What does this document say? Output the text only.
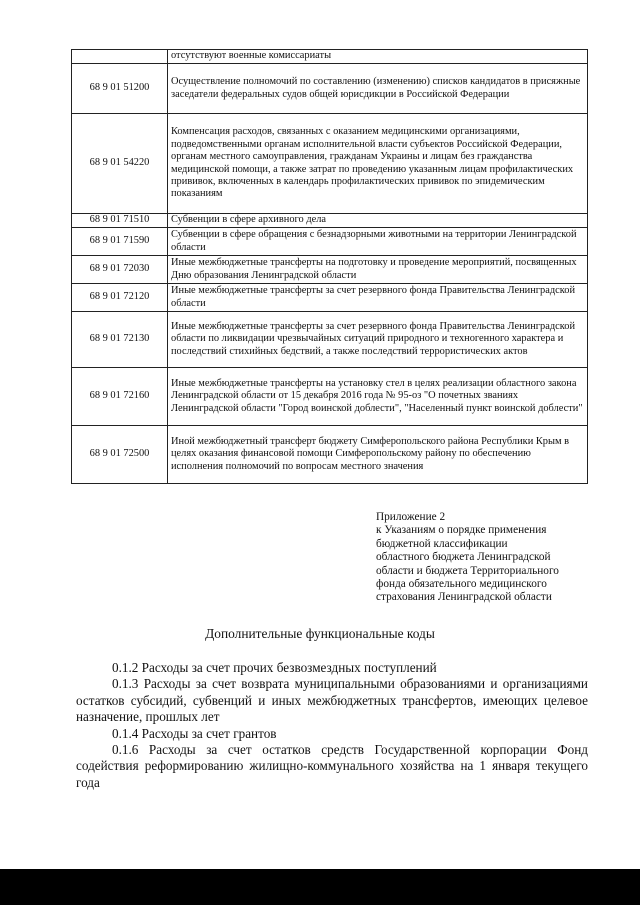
	отсутствуют военные комиссариаты
68 9 01 51200	Осуществление полномочий по составлению (изменению) списков кандидатов в присяжные заседатели федеральных судов общей юрисдикции в Российской Федерации
68 9 01 54220	Компенсация расходов, связанных с оказанием медицинскими организациями, подведомственными органам исполнительной власти субъектов Российской Федерации, органам местного самоуправления, гражданам Украины и лицам без гражданства медицинской помощи, а также затрат по проведению указанным лицам профилактических прививок, включенных в календарь профилактических прививок по эпидемическим показаниям
68 9 01 71510	Субвенции в сфере архивного дела
68 9 01 71590	Субвенции в сфере обращения с безнадзорными животными на территории Ленинградской области
68 9 01 72030	Иные межбюджетные трансферты на подготовку и проведение мероприятий, посвященных Дню образования Ленинградской области
68 9 01 72120	Иные межбюджетные трансферты за счет резервного фонда Правительства Ленинградской области
68 9 01 72130	Иные межбюджетные трансферты за счет резервного фонда Правительства Ленинградской области по ликвидации чрезвычайных ситуаций природного и техногенного характера и последствий стихийных бедствий, а также последствий террористических актов
68 9 01 72160	Иные межбюджетные трансферты на установку стел в целях реализации областного закона Ленинградской области от 15 декабря 2016 года № 95-оз "О почетных званиях Ленинградской области "Город воинской доблести", "Населенный пункт воинской доблести"
68 9 01 72500	Иной межбюджетный трансферт бюджету Симферопольского района Республики Крым в целях оказания финансовой помощи Симферопольскому району по обеспечению исполнения полномочий по вопросам местного значения
Приложение 2
к Указаниям о порядке применения
бюджетной классификации
областного бюджета Ленинградской
области и бюджета Территориального
фонда обязательного медицинского
страхования Ленинградской области
Дополнительные функциональные коды

0.1.2 Расходы за счет прочих безвозмездных поступлений

0.1.3 Расходы за счет возврата муниципальными образованиями и организациями остатков субсидий, субвенций и иных межбюджетных трансфертов, имеющих целевое назначение, прошлых лет

0.1.4 Расходы за счет грантов

0.1.6 Расходы за счет остатков средств Государственной корпорации Фонд содействия реформированию жилищно-коммунального хозяйства на 1 января текущего года
